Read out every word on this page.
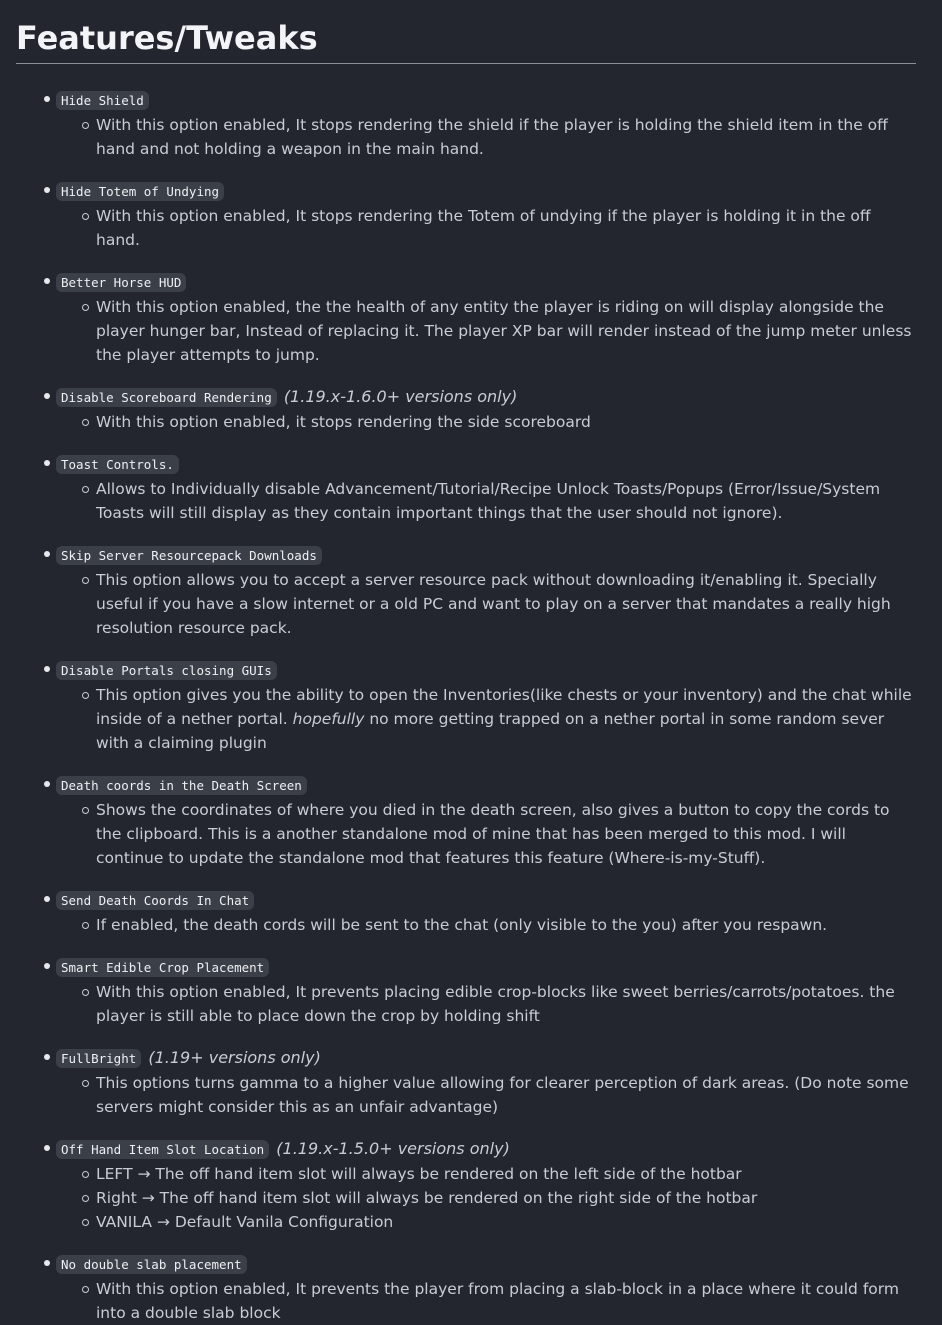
Features/Tweaks
Hide Shield
With this option enabled, It stops rendering the shield if the player is holding the shield item in the off hand and not holding a weapon in the main hand.
Hide Totem of Undying
With this option enabled, It stops rendering the Totem of undying if the player is holding it in the off hand.
Better Horse HUD
With this option enabled, the the health of any entity the player is riding on will display alongside the player hunger bar, Instead of replacing it. The player XP bar will render instead of the jump meter unless the player attempts to jump.
Disable Scoreboard Rendering (1.19.x-1.6.0+ versions only)
With this option enabled, it stops rendering the side scoreboard
Toast Controls.
Allows to Individually disable Advancement/Tutorial/Recipe Unlock Toasts/Popups (Error/Issue/System Toasts will still display as they contain important things that the user should not ignore).
Skip Server Resourcepack Downloads
This option allows you to accept a server resource pack without downloading it/enabling it. Specially useful if you have a slow internet or a old PC and want to play on a server that mandates a really high resolution resource pack.
Disable Portals closing GUIs
This option gives you the ability to open the Inventories(like chests or your inventory) and the chat while inside of a nether portal. hopefully no more getting trapped on a nether portal in some random sever with a claiming plugin
Death coords in the Death Screen
Shows the coordinates of where you died in the death screen, also gives a button to copy the cords to the clipboard. This is a another standalone mod of mine that has been merged to this mod. I will continue to update the standalone mod that features this feature (Where-is-my-Stuff).
Send Death Coords In Chat
If enabled, the death cords will be sent to the chat (only visible to the you) after you respawn.
Smart Edible Crop Placement
With this option enabled, It prevents placing edible crop-blocks like sweet berries/carrots/potatoes. the player is still able to place down the crop by holding shift
FullBright (1.19+ versions only)
This options turns gamma to a higher value allowing for clearer perception of dark areas. (Do note some servers might consider this as an unfair advantage)
Off Hand Item Slot Location (1.19.x-1.5.0+ versions only)
LEFT → The off hand item slot will always be rendered on the left side of the hotbar
Right → The off hand item slot will always be rendered on the right side of the hotbar
VANILA → Default Vanila Configuration
No double slab placement
With this option enabled, It prevents the player from placing a slab-block in a place where it could form into a double slab block
